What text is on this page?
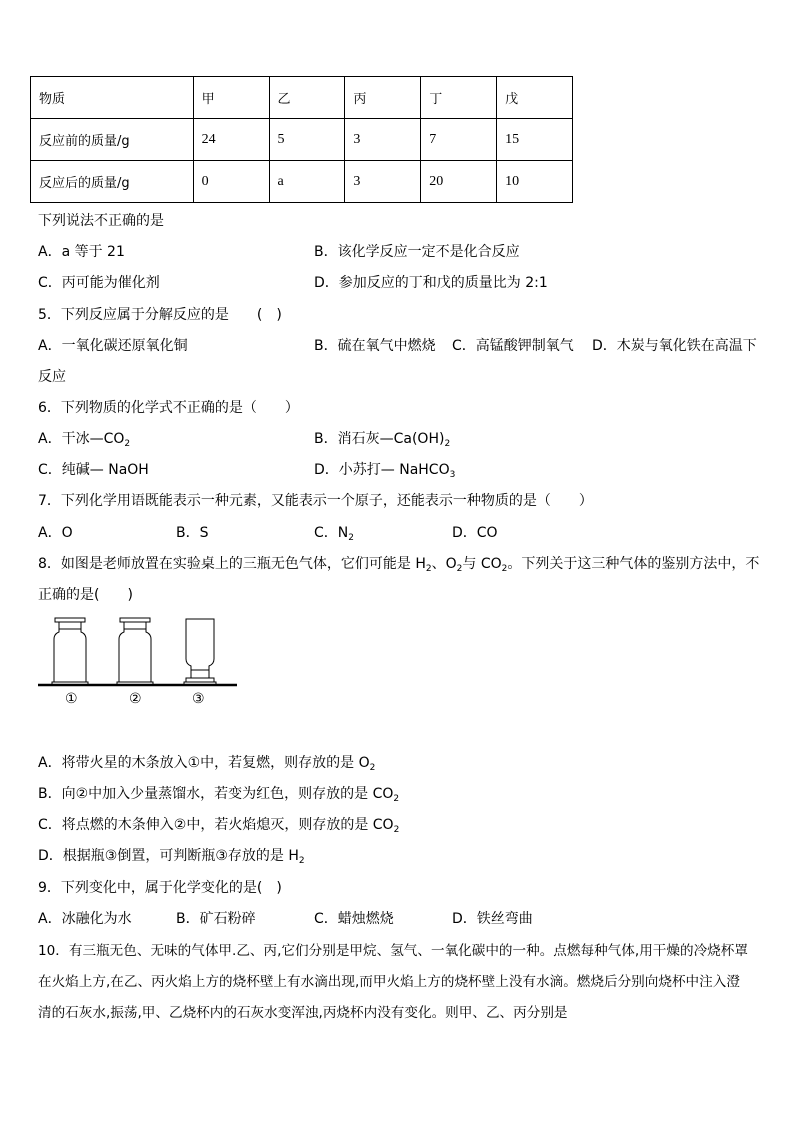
物质	甲	乙	丙	丁	戊
反应前的质量/g	24	5	3	7	15
反应后的质量/g	0	a	3	20	10
下列说法不正确的是
A．a 等于 21	B．该化学反应一定不是化合反应
C．丙可能为催化剂	D．参加反应的丁和戊的质量比为 2:1
5．下列反应属于分解反应的是　　(　)
A．一氧化碳还原氧化铜	B．硫在氧气中燃烧 C．高锰酸钾制氧气 D．木炭与氧化铁在高温下
反应
6．下列物质的化学式不正确的是（　　）
A．干冰$—CO_2$	B．消石灰$—Ca(OH)_2$
C．纯碱— NaOH	D．小苏打— NaHCO$_3$
7．下列化学用语既能表示一种元素，又能表示一个原子，还能表示一种物质的是（　　）
A．O	B．S	C．$N_2$	D．CO
8．如图是老师放置在实验桌上的三瓶无色气体，它们可能是 $H_2$、$O_2$与 $CO_2$。下列关于这三种气体的鉴别方法中，不
正确的是(　　)
①	②	③
A．将带火星的木条放入①中，若复燃，则存放的是 $O_2$
B．向②中加入少量蒸馏水，若变为红色，则存放的是 $CO_2$
C．将点燃的木条伸入②中，若火焰熄灭，则存放的是 $CO_2$
D．根据瓶③倒置，可判断瓶③存放的是 $H_2$
9．下列变化中，属于化学变化的是(　)
A．冰融化为水	B．矿石粉碎	C．蜡烛燃烧	D．铁丝弯曲
10．有三瓶无色、无味的气体甲.乙、丙,它们分别是甲烷、氢气、一氧化碳中的一种。点燃每种气体,用干燥的冷烧杯罩
在火焰上方,在乙、丙火焰上方的烧杯壁上有水滴出现,而甲火焰上方的烧杯壁上没有水滴。燃烧后分别向烧杯中注入澄
清的石灰水,振荡,甲、乙烧杯内的石灰水变浑浊,丙烧杯内没有变化。则甲、乙、丙分别是
